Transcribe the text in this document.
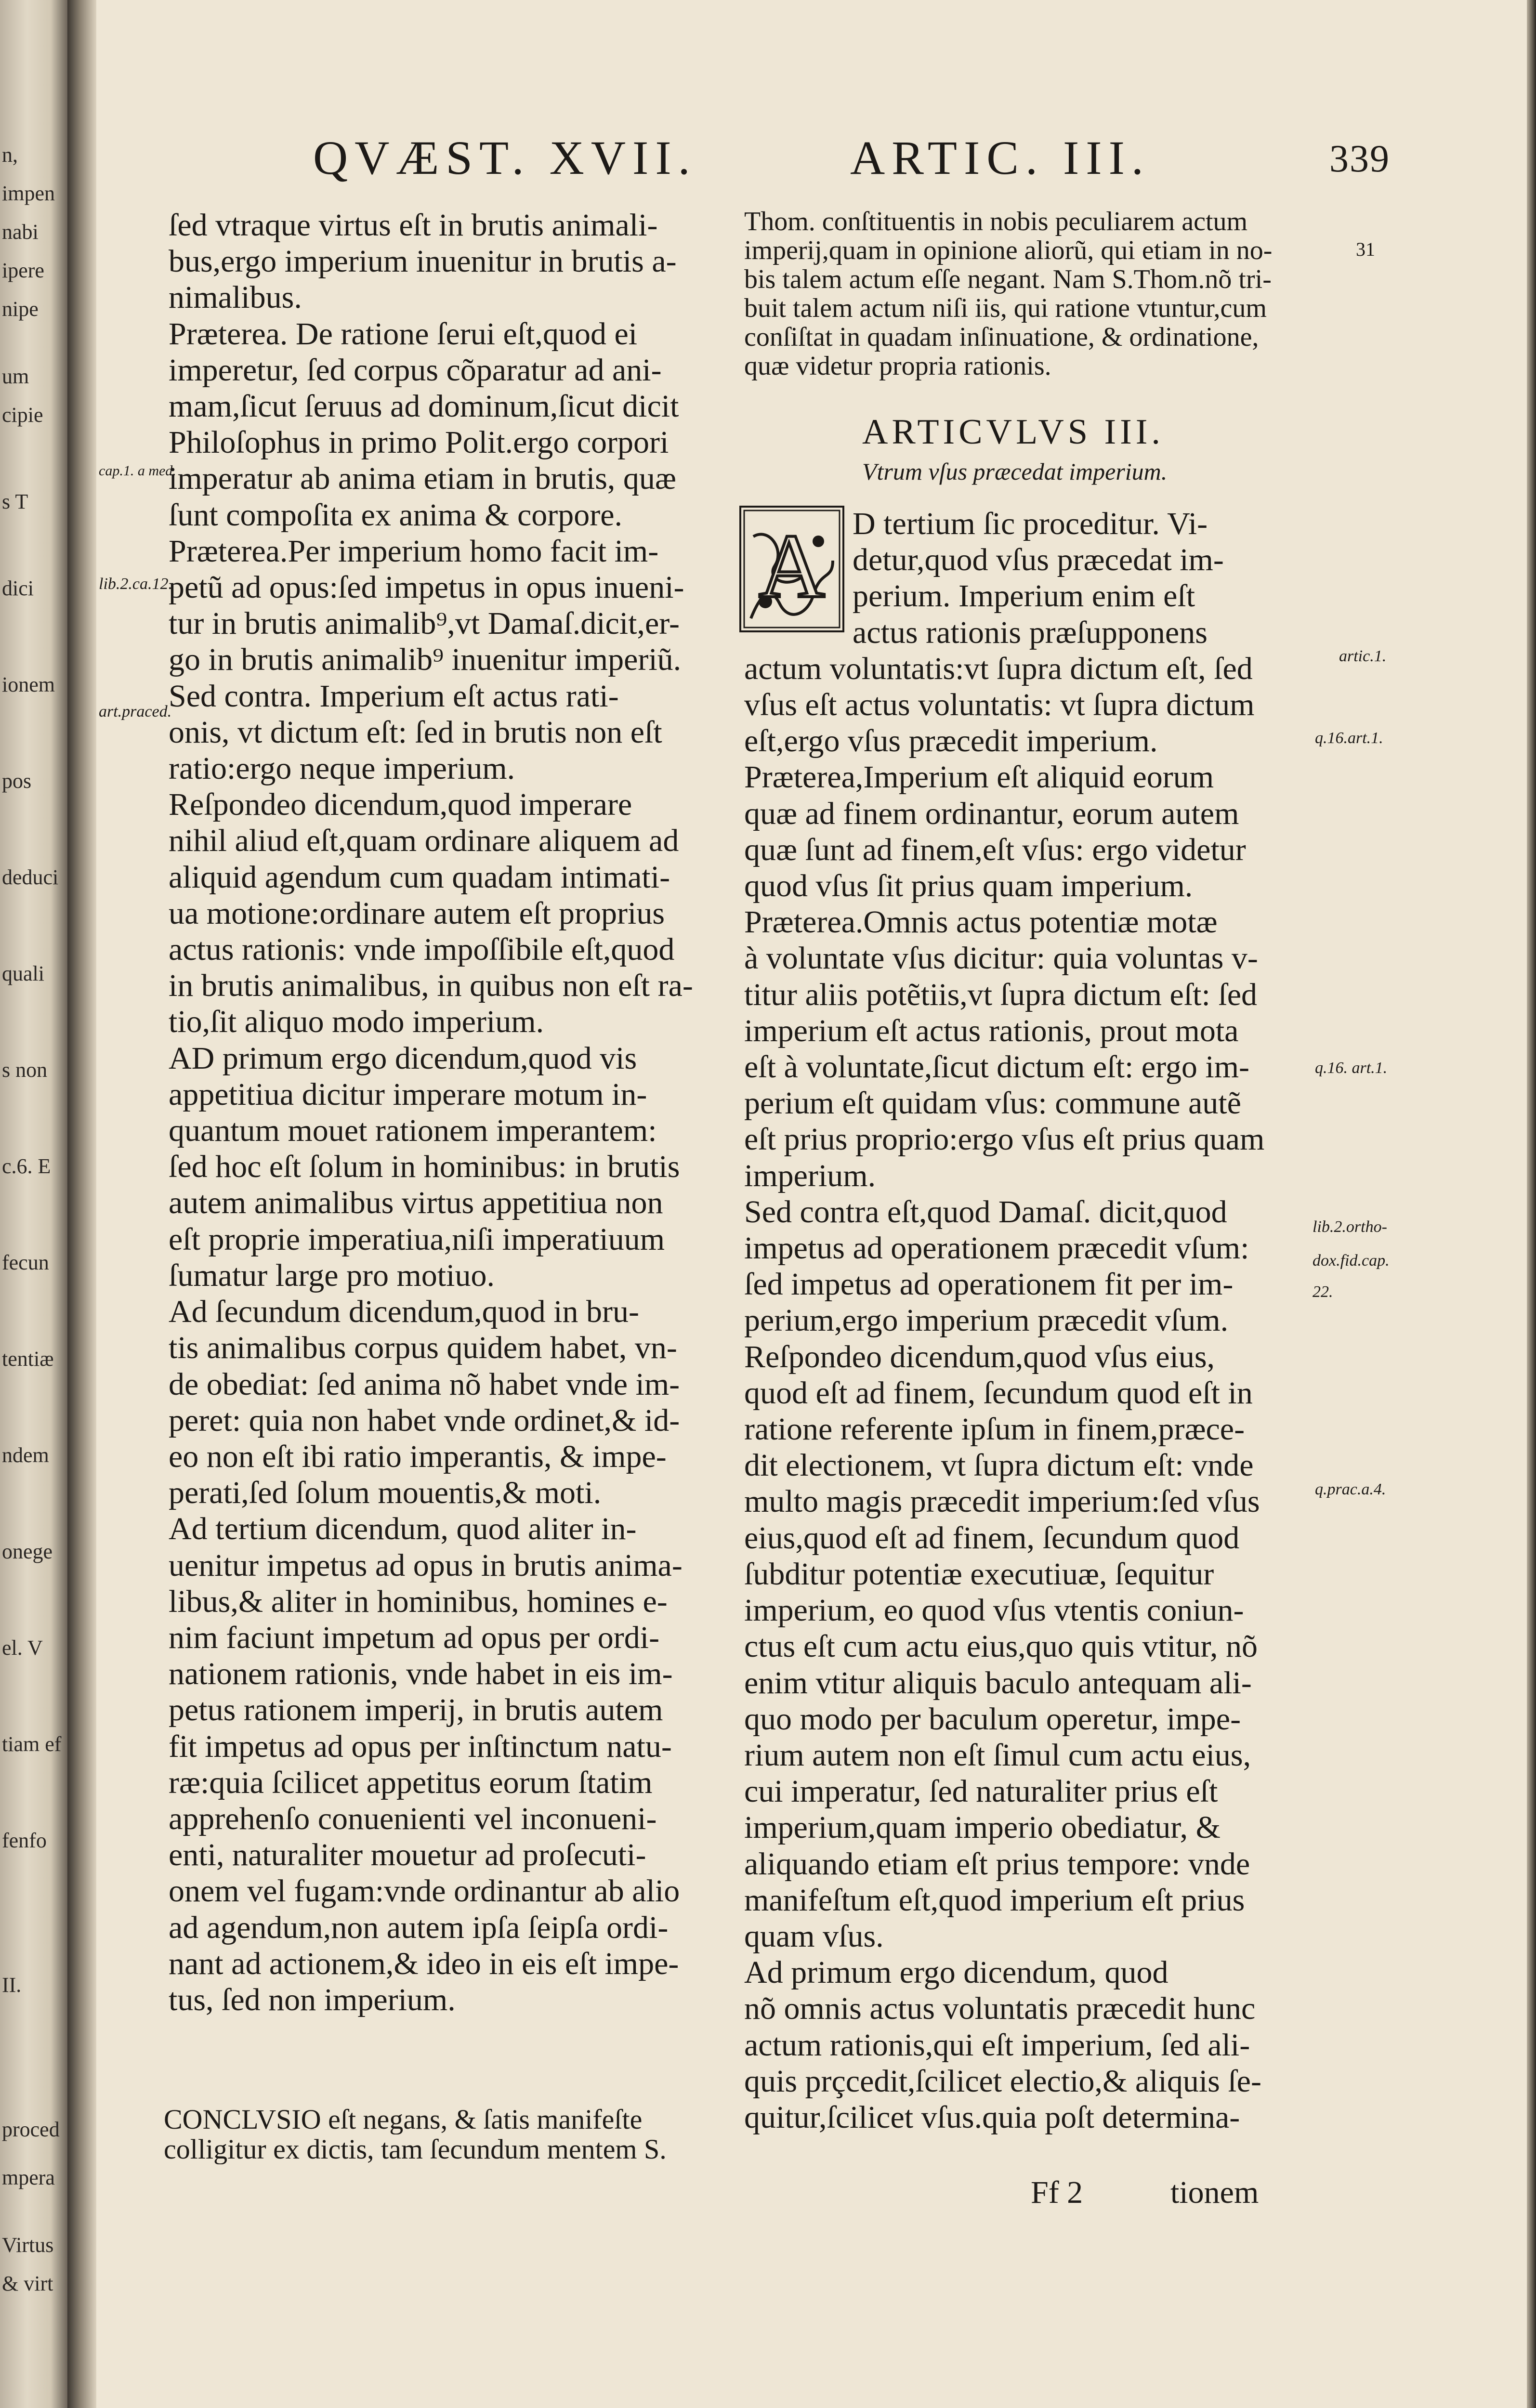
n,
impen
nabi
ipere
nipe
um
cipie
s T
dici
ionem
pos
deduci
quali
s non
c.6. E
fecun
tentiæ
ndem
onege
el. V
tiam ef
fenfo
II.
proced
mpera
Virtus
& virt
QVÆST. XVII.	ARTIC. III.	339
ſed vtraque virtus eſt in brutis animali-
bus,ergo imperium inuenitur in brutis a-
nimalibus.
Præterea. De ratione ſerui eſt,quod ei
imperetur, ſed corpus cõparatur ad ani-
mam,ſicut ſeruus ad dominum,ſicut dicit
Philoſophus in primo Polit.ergo corpori
imperatur ab anima etiam in brutis, quæ
ſunt compoſita ex anima & corpore.
Præterea.Per imperium homo facit im-
petũ ad opus:ſed impetus in opus inueni-
tur in brutis animalib⁹,vt Damaſ.dicit,er-
go in brutis animalib⁹ inuenitur imperiũ.
Sed contra. Imperium eſt actus rati-
onis, vt dictum eſt: ſed in brutis non eſt
ratio:ergo neque imperium.
Reſpondeo dicendum,quod imperare
nihil aliud eſt,quam ordinare aliquem ad
aliquid agendum cum quadam intimati-
ua motione:ordinare autem eſt proprius
actus rationis: vnde impoſſibile eſt,quod
in brutis animalibus, in quibus non eſt ra-
tio,ſit aliquo modo imperium.
AD primum ergo dicendum,quod vis
appetitiua dicitur imperare motum in-
quantum mouet rationem imperantem:
ſed hoc eſt ſolum in hominibus: in brutis
autem animalibus virtus appetitiua non
eſt proprie imperatiua,niſi imperatiuum
ſumatur large pro motiuo.
Ad ſecundum dicendum,quod in bru-
tis animalibus corpus quidem habet, vn-
de obediat: ſed anima nõ habet vnde im-
peret: quia non habet vnde ordinet,& id-
eo non eſt ibi ratio imperantis, & impe-
perati,ſed ſolum mouentis,& moti.
Ad tertium dicendum, quod aliter in-
uenitur impetus ad opus in brutis anima-
libus,& aliter in hominibus, homines e-
nim faciunt impetum ad opus per ordi-
nationem rationis, vnde habet in eis im-
petus rationem imperij, in brutis autem
fit impetus ad opus per inſtinctum natu-
ræ:quia ſcilicet appetitus eorum ſtatim
apprehenſo conuenienti vel inconueni-
enti, naturaliter mouetur ad proſecuti-
onem vel fugam:vnde ordinantur ab alio
ad agendum,non autem ipſa ſeipſa ordi-
nant ad actionem,& ideo in eis eſt impe-
tus, ſed non imperium.
CONCLVSIO eſt negans, & ſatis manifeſte
colligitur ex dictis, tam ſecundum mentem S.
Thom. conſtituentis in nobis peculiarem actum
imperij,quam in opinione aliorũ, qui etiam in no-
bis talem actum eſſe negant. Nam S.Thom.nõ tri-
buit talem actum niſi iis, qui ratione vtuntur,cum
conſiſtat in quadam inſinuatione, & ordinatione,
quæ videtur propria rationis.
ARTICVLVS III.
Vtrum vſus præcedat imperium.
A D tertium ſic proceditur. Vi-
detur,quod vſus præcedat im-
perium. Imperium enim eſt
actus rationis præſupponens
actum voluntatis:vt ſupra dictum eſt, ſed
vſus eſt actus voluntatis: vt ſupra dictum
eſt,ergo vſus præcedit imperium.
Præterea,Imperium eſt aliquid eorum
quæ ad finem ordinantur, eorum autem
quæ ſunt ad finem,eſt vſus: ergo videtur
quod vſus ſit prius quam imperium.
Præterea.Omnis actus potentiæ motæ
à voluntate vſus dicitur: quia voluntas v-
titur aliis potẽtiis,vt ſupra dictum eſt: ſed
imperium eſt actus rationis, prout mota
eſt à voluntate,ſicut dictum eſt: ergo im-
perium eſt quidam vſus: commune autẽ
eſt prius proprio:ergo vſus eſt prius quam
imperium.
Sed contra eſt,quod Damaſ. dicit,quod
impetus ad operationem præcedit vſum:
ſed impetus ad operationem fit per im-
perium,ergo imperium præcedit vſum.
Reſpondeo dicendum,quod vſus eius,
quod eſt ad finem, ſecundum quod eſt in
ratione referente ipſum in finem,præce-
dit electionem, vt ſupra dictum eſt: vnde
multo magis præcedit imperium:ſed vſus
eius,quod eſt ad finem, ſecundum quod
ſubditur potentiæ executiuæ, ſequitur
imperium, eo quod vſus vtentis coniun-
ctus eſt cum actu eius,quo quis vtitur, nõ
enim vtitur aliquis baculo antequam ali-
quo modo per baculum operetur, impe-
rium autem non eſt ſimul cum actu eius,
cui imperatur, ſed naturaliter prius eſt
imperium,quam imperio obediatur, &
aliquando etiam eſt prius tempore: vnde
manifeſtum eſt,quod imperium eſt prius
quam vſus.
Ad primum ergo dicendum, quod
nõ omnis actus voluntatis præcedit hunc
actum rationis,qui eſt imperium, ſed ali-
quis prçcedit,ſcilicet electio,& aliquis ſe-
quitur,ſcilicet vſus.quia poſt determina-
Ff 2	tionem
cap.1. a med.
lib.2.ca.12.
art.praced.
31
artic.1.
q.16.art.1.
q.16. art.1.
lib.2.ortho-
dox.fid.cap.
22.
q.prac.a.4.
